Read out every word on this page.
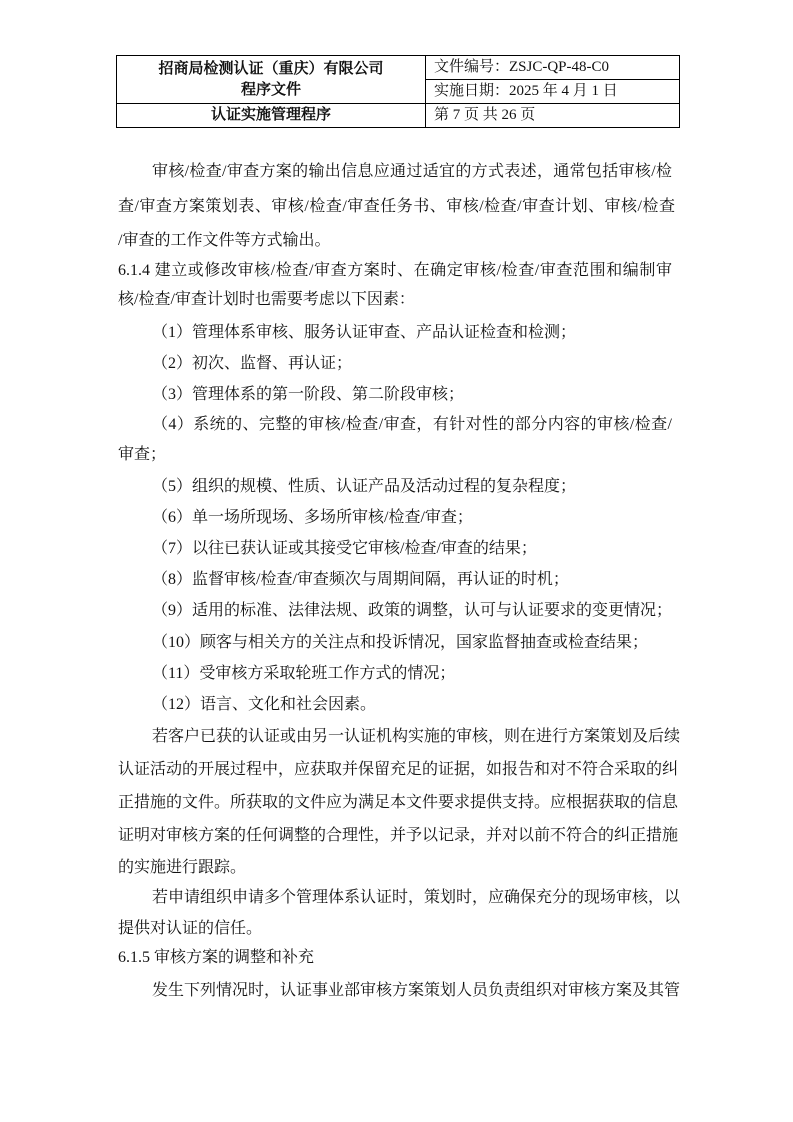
招商局检测认证（重庆）有限公司
程序文件	文件编号：ZSJC-QP-48-C0
	实施日期：2025 年 4 月 1 日
认证实施管理程序	第 7 页 共 26 页
审核/检查/审查方案的输出信息应通过适宜的方式表述，通常包括审核/检
查/审查方案策划表、审核/检查/审查任务书、审核/检查/审查计划、审核/检查
/审查的工作文件等方式输出。
6.1.4 建立或修改审核/检查/审查方案时、在确定审核/检查/审查范围和编制审
核/检查/审查计划时也需要考虑以下因素：
（1）管理体系审核、服务认证审查、产品认证检查和检测；
（2）初次、监督、再认证；
（3）管理体系的第一阶段、第二阶段审核；
（4）系统的、完整的审核/检查/审查，有针对性的部分内容的审核/检查/
审查；
（5）组织的规模、性质、认证产品及活动过程的复杂程度；
（6）单一场所现场、多场所审核/检查/审查；
（7）以往已获认证或其接受它审核/检查/审查的结果；
（8）监督审核/检查/审查频次与周期间隔，再认证的时机；
（9）适用的标准、法律法规、政策的调整，认可与认证要求的变更情况；
（10）顾客与相关方的关注点和投诉情况，国家监督抽查或检查结果；
（11）受审核方采取轮班工作方式的情况；
（12）语言、文化和社会因素。
若客户已获的认证或由另一认证机构实施的审核，则在进行方案策划及后续
认证活动的开展过程中，应获取并保留充足的证据，如报告和对不符合采取的纠
正措施的文件。所获取的文件应为满足本文件要求提供支持。应根据获取的信息
证明对审核方案的任何调整的合理性，并予以记录，并对以前不符合的纠正措施
的实施进行跟踪。
若申请组织申请多个管理体系认证时，策划时，应确保充分的现场审核，以
提供对认证的信任。
6.1.5 审核方案的调整和补充
发生下列情况时，认证事业部审核方案策划人员负责组织对审核方案及其管
